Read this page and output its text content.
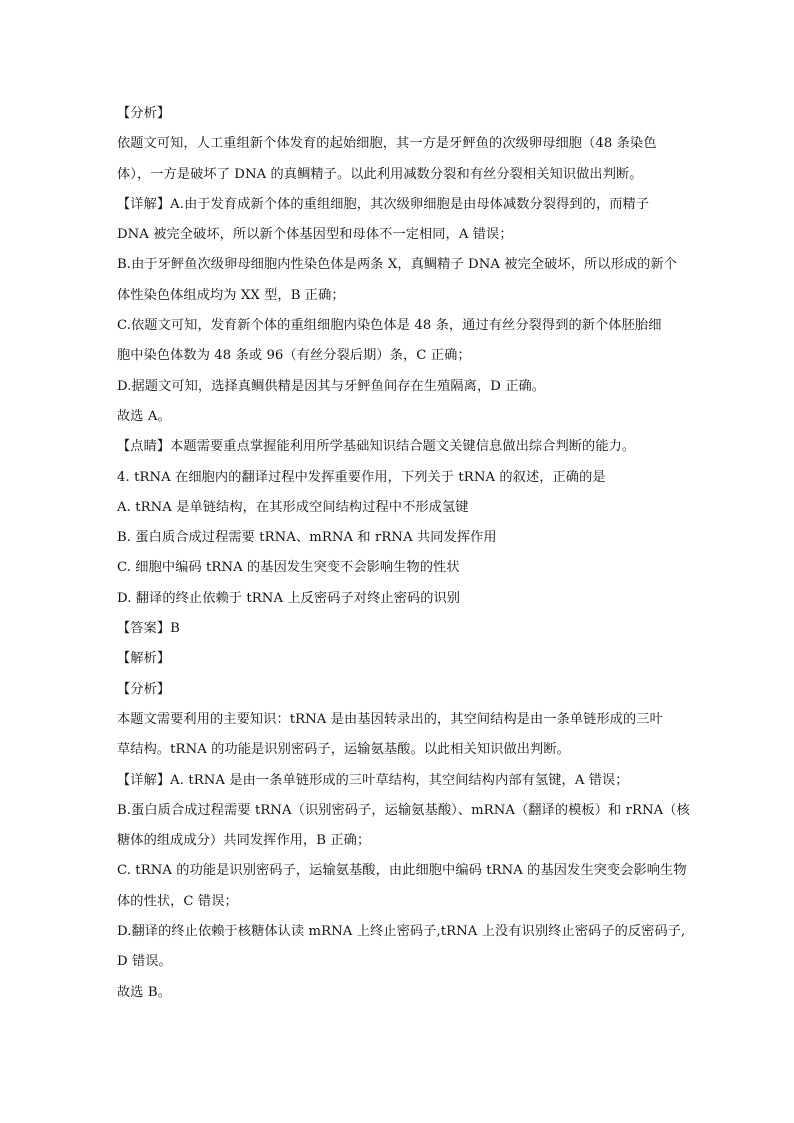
【分析】
依题文可知，人工重组新个体发育的起始细胞，其一方是牙鲆鱼的次级卵母细胞（48 条染色
体），一方是破坏了 DNA 的真鲷精子。以此利用减数分裂和有丝分裂相关知识做出判断。
【详解】A.由于发育成新个体的重组细胞，其次级卵细胞是由母体减数分裂得到的，而精子
DNA 被完全破坏，所以新个体基因型和母体不一定相同，A 错误；
B.由于牙鲆鱼次级卵母细胞内性染色体是两条 X，真鲷精子 DNA 被完全破坏，所以形成的新个
体性染色体组成均为 XX 型，B 正确；
C.依题文可知，发育新个体的重组细胞内染色体是 48 条，通过有丝分裂得到的新个体胚胎细
胞中染色体数为 48 条或 96（有丝分裂后期）条，C 正确；
D.据题文可知，选择真鲷供精是因其与牙鲆鱼间存在生殖隔离，D 正确。
故选 A。
【点睛】本题需要重点掌握能利用所学基础知识结合题文关键信息做出综合判断的能力。
4. tRNA 在细胞内的翻译过程中发挥重要作用，下列关于 tRNA 的叙述，正确的是
A. tRNA 是单链结构，在其形成空间结构过程中不形成氢键
B. 蛋白质合成过程需要 tRNA、mRNA 和 rRNA 共同发挥作用
C. 细胞中编码 tRNA 的基因发生突变不会影响生物的性状
D. 翻译的终止依赖于 tRNA 上反密码子对终止密码的识别
【答案】B
【解析】
【分析】
本题文需要利用的主要知识：tRNA 是由基因转录出的，其空间结构是由一条单链形成的三叶
草结构。tRNA 的功能是识别密码子，运输氨基酸。以此相关知识做出判断。
【详解】A. tRNA 是由一条单链形成的三叶草结构，其空间结构内部有氢键，A 错误；
B.蛋白质合成过程需要 tRNA（识别密码子，运输氨基酸）、mRNA（翻译的模板）和 rRNA（核
糖体的组成成分）共同发挥作用，B 正确；
C. tRNA 的功能是识别密码子，运输氨基酸，由此细胞中编码 tRNA 的基因发生突变会影响生物
体的性状，C 错误；
D.翻译的终止依赖于核糖体认读 mRNA 上终止密码子,tRNA 上没有识别终止密码子的反密码子,
D 错误。
故选 B。
